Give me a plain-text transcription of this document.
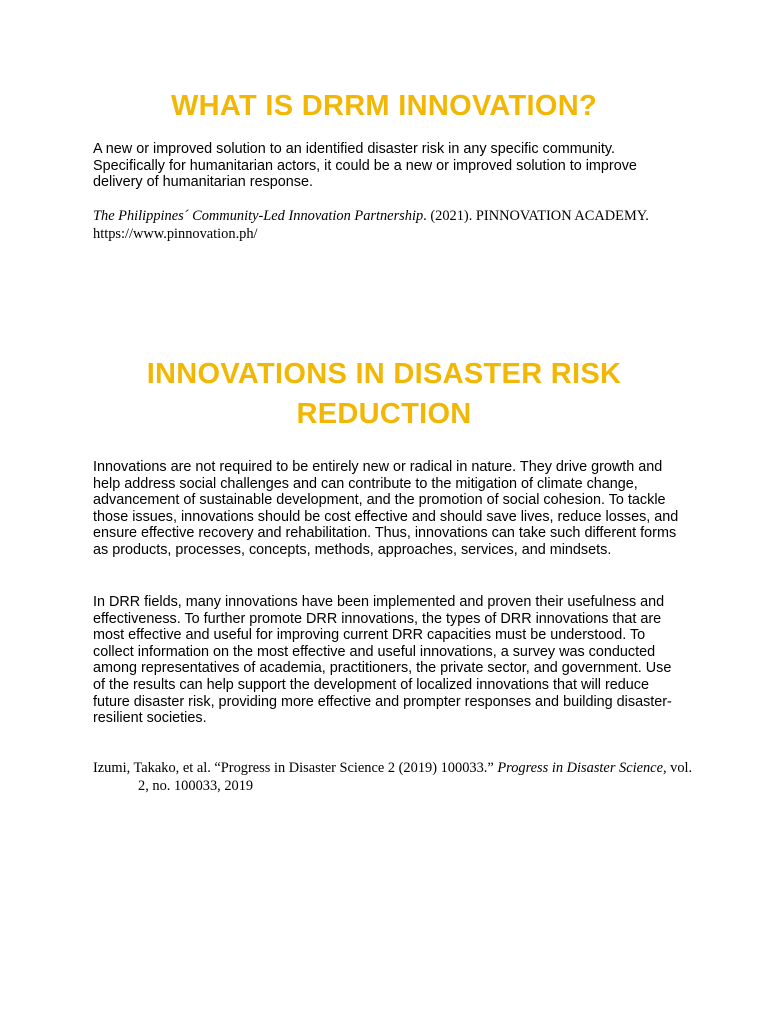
WHAT IS DRRM INNOVATION?

A new or improved solution to an identified disaster risk in any specific community. Specifically for humanitarian actors, it could be a new or improved solution to improve delivery of humanitarian response.

The Philippines´ Community-Led Innovation Partnership. (2021). PINNOVATION ACADEMY. https://www.pinnovation.ph/

INNOVATIONS IN DISASTER RISK REDUCTION

Innovations are not required to be entirely new or radical in nature. They drive growth and help address social challenges and can contribute to the mitigation of climate change, advancement of sustainable development, and the promotion of social cohesion. To tackle those issues, innovations should be cost effective and should save lives, reduce losses, and ensure effective recovery and rehabilitation. Thus, innovations can take such different forms as products, processes, concepts, methods, approaches, services, and mindsets.

In DRR fields, many innovations have been implemented and proven their usefulness and effectiveness. To further promote DRR innovations, the types of DRR innovations that are most effective and useful for improving current DRR capacities must be understood. To collect information on the most effective and useful innovations, a survey was conducted among representatives of academia, practitioners, the private sector, and government. Use of the results can help support the development of localized innovations that will reduce future disaster risk, providing more effective and prompter responses and building disaster-resilient societies.

Izumi, Takako, et al. “Progress in Disaster Science 2 (2019) 100033.” Progress in Disaster Science, vol. 2, no. 100033, 2019
